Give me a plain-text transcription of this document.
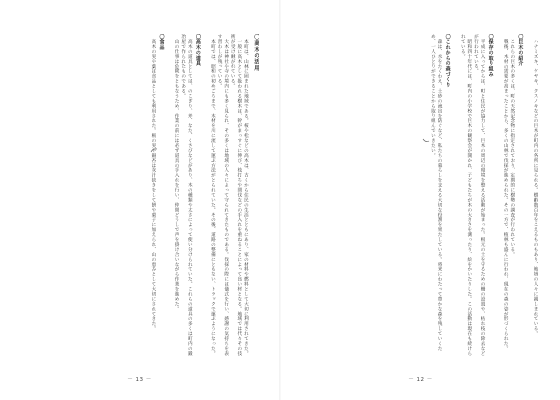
〇高木の活用

本町は、山林に囲まれた地域である。桜や松などの高木は、古くから住民の生活とともにあり、家の材料や燃料として大切に利用されてきた。

一般に高木として扱われる樹木は、幹がまっすぐに伸び、枝打ちや間伐などの手入れを重ねることによって良い材となる。地域では代々その技術が受け継がれている。

大木は神社や寺の境内にも多く見られ、その多くは地域の人々によって守られてきたものである。伐採の際には儀式を行い、感謝の気持ちを表す習わしが残っている。

本町では、昭和の初めごろまで、木材を川に流して運ぶ方法がとられていた。その後、道路の整備にともない、トラックで運ぶようになった。

〇高木の道具

高木の道具としては、のこぎり、斧、なた、くさびなどがあり、木の種類や太さによって使い分けられていた。これらの道具の多くは町内の鍛冶屋で作られたものである。

山の仕事は危険をともなうため、作業の前には必ず道具の手入れを行い、仲間どうしで声を掛け合いながら作業を進めた。

〇食品

高木の実や葉は食品としても利用された。栃の実や銀杏は灰汁抜きをして餅や菓子に加えられ、山の恵みとして大切にされてきた。

－ 13 －

ハナミズキ、ケヤキ、クスノキなどの巨木が町内の各所に見られる。樹齢数百年をこえるものもあり、地域の人々に親しまれている。

〇巨木の紹介

これらの巨木の多くは、町の天然記念物に指定されており、定期的に樹勢の調査が行われている。

戦後、木材の需要が高まったことから、多くの山林で伐採が進められた。その一方で、植林も盛んに行われ、現在の森の姿が形づくられた。

〇保存の取り組み

平成に入ってからは、町と住民が協力して、巨木の周辺の環境を整える活動が始まった。根元の土を守るための柵の設置や、枯れ枝の除去などが行われている。

昭和四十年代には、町内の小学校で巨木の観察会が開かれ、子どもたちが木の大きさを測ったり、絵をかいたりした。この活動は現在も続けられている。

〇これからの森づくり

森は、水をたくわえ、土砂の流出を防ぐなど、私たちの暮らしを支える大切な役割を果たしている。将来にわたって豊かな森を残していくため、一人ひとりができることから取り組んでいきたい。

－ 12 －
